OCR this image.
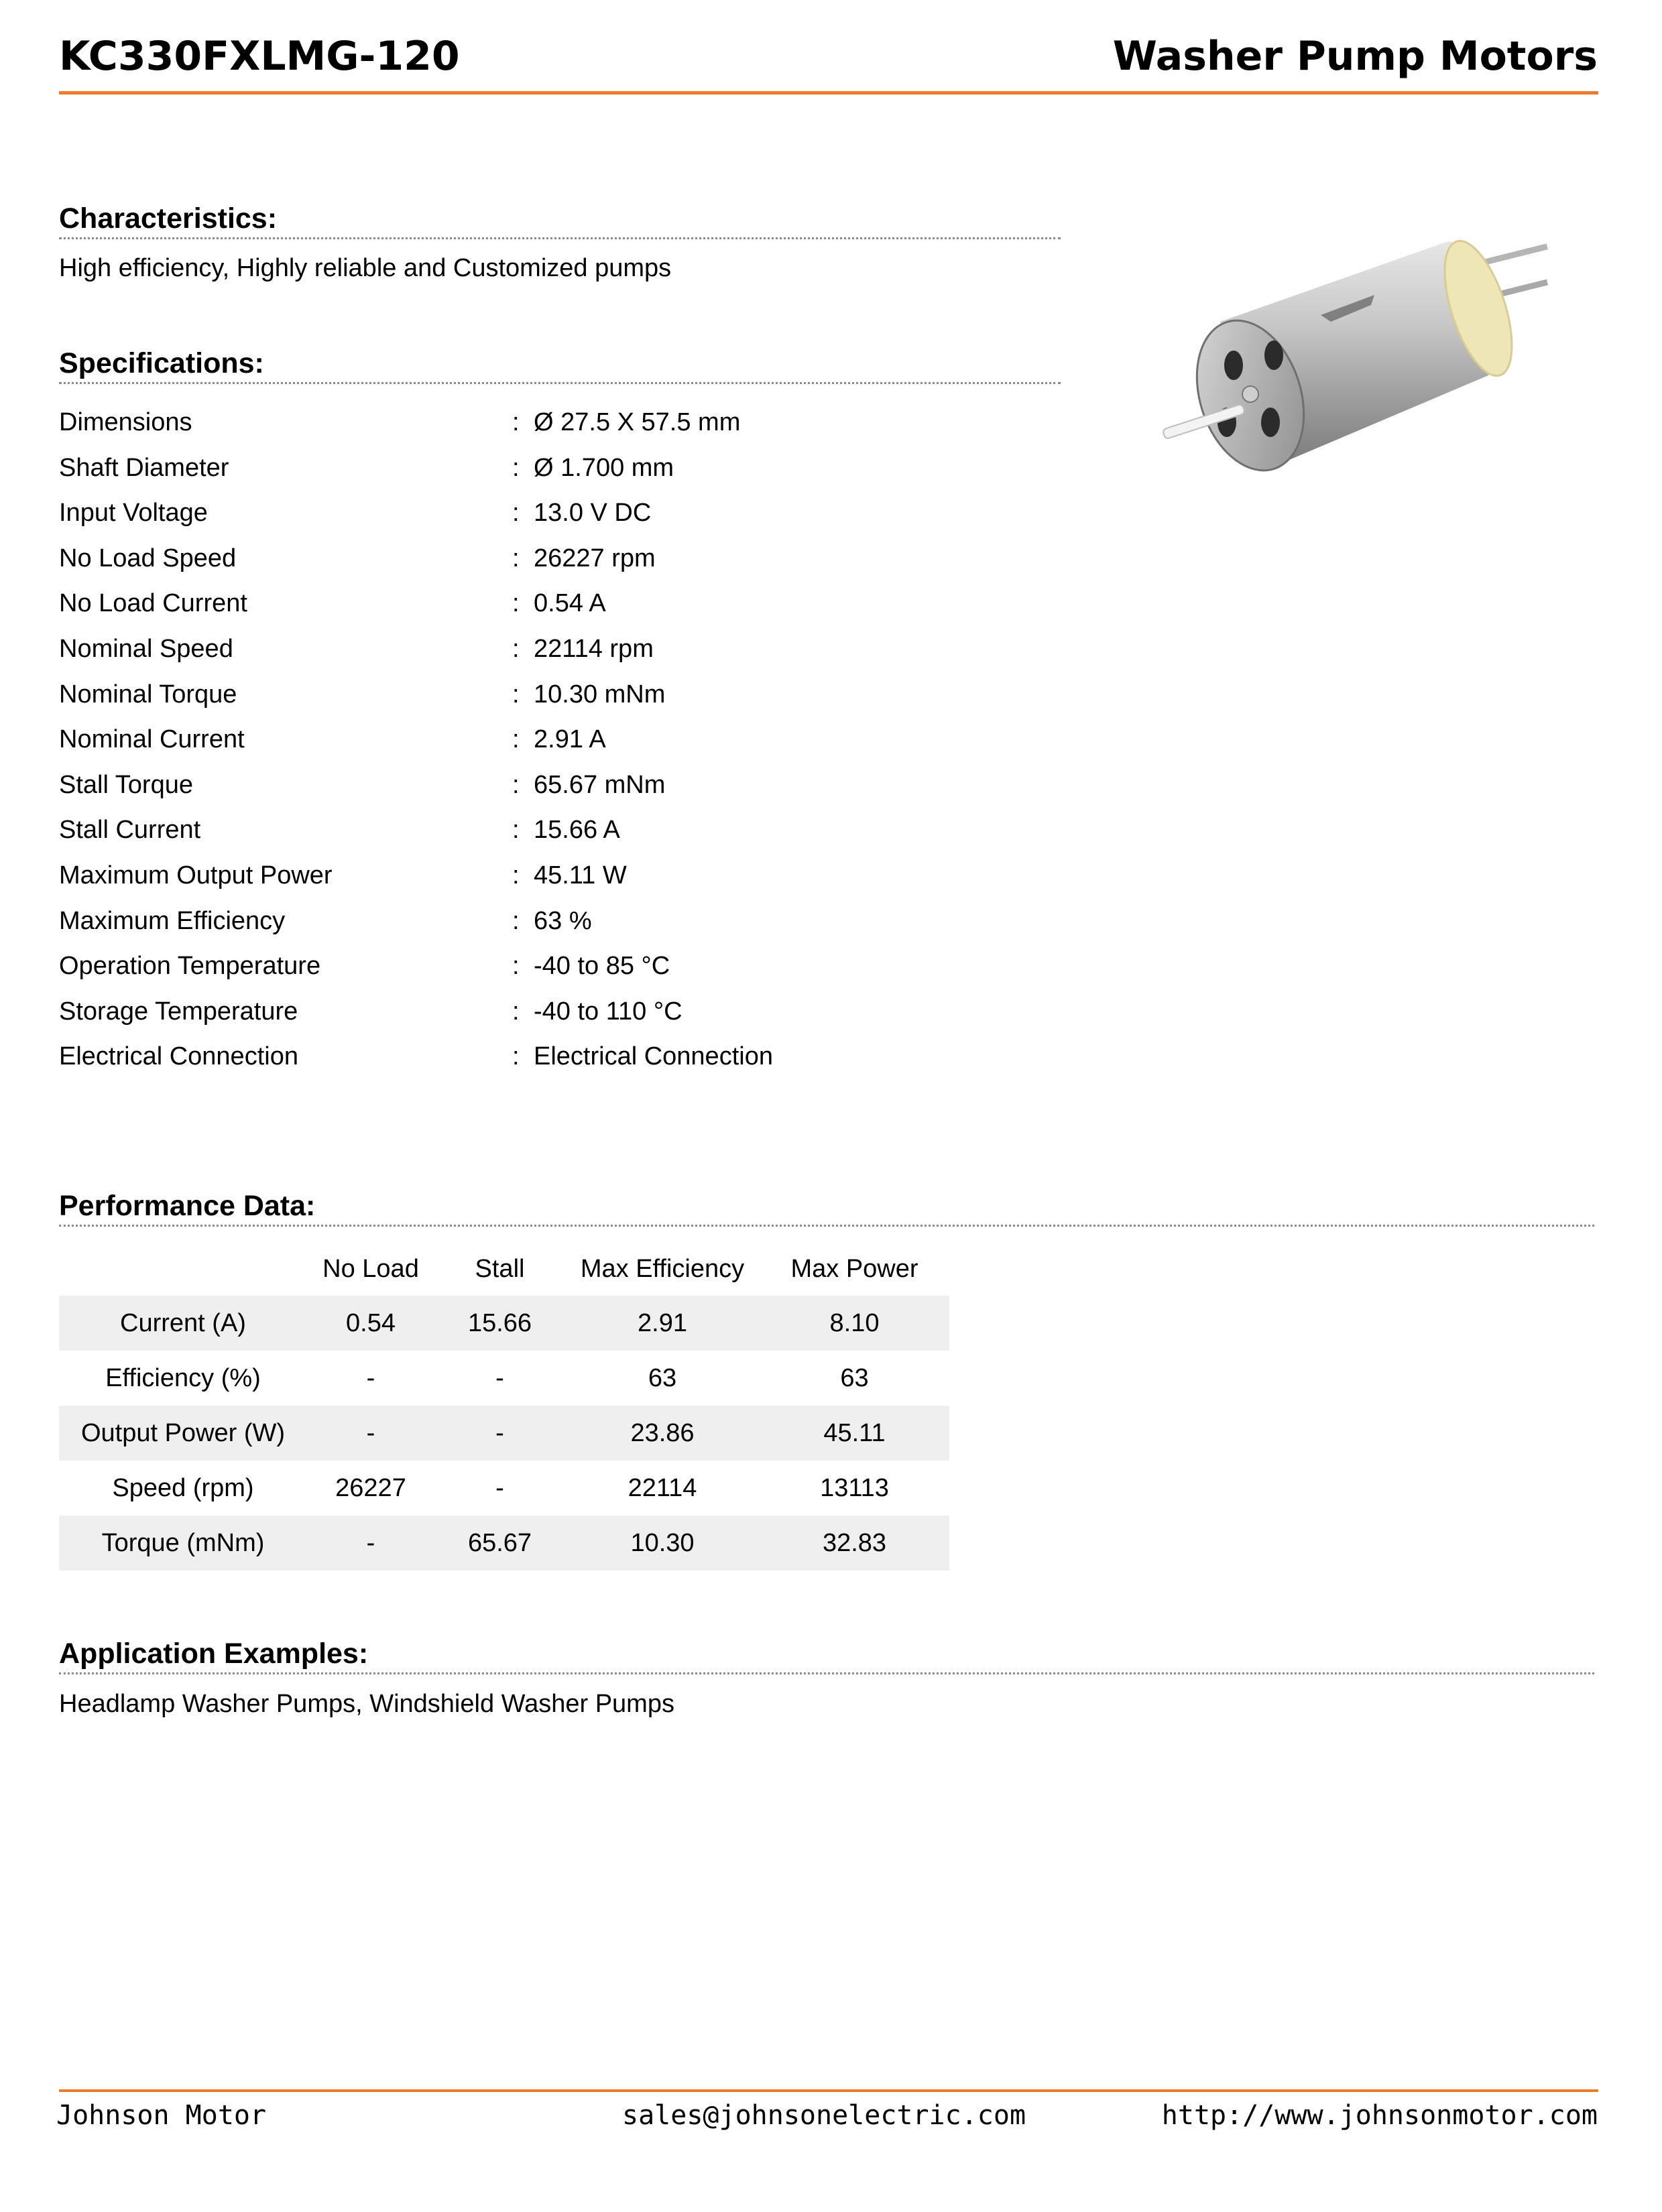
KC330FXLMG-120	Washer Pump Motors
Characteristics:
High efficiency, Highly reliable and Customized pumps
Specifications:
Dimensions	: Ø 27.5 X 57.5 mm
Shaft Diameter	: Ø 1.700 mm
Input Voltage	: 13.0 V DC
No Load Speed	: 26227 rpm
No Load Current	: 0.54 A
Nominal Speed	: 22114 rpm
Nominal Torque	: 10.30 mNm
Nominal Current	: 2.91 A
Stall Torque	: 65.67 mNm
Stall Current	: 15.66 A
Maximum Output Power	: 45.11 W
Maximum Efficiency	: 63 %
Operation Temperature	: -40 to 85 °C
Storage Temperature	: -40 to 110 °C
Electrical Connection	: Electrical Connection
Performance Data:
	No Load	Stall	Max Efficiency	Max Power
Current (A)	0.54	15.66	2.91	8.10
Efficiency (%)	-	-	63	63
Output Power (W)	-	-	23.86	45.11
Speed (rpm)	26227	-	22114	13113
Torque (mNm)	-	65.67	10.30	32.83
Application Examples:
Headlamp Washer Pumps, Windshield Washer Pumps
Johnson Motor	sales@johnsonelectric.com	http://www.johnsonmotor.com
